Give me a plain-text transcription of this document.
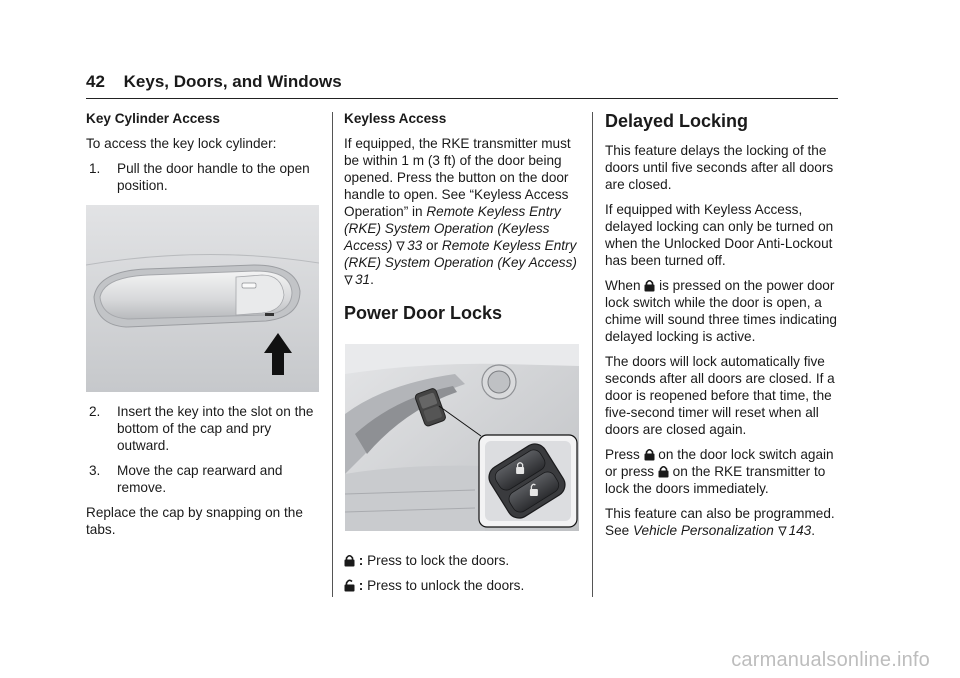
42 Keys, Doors, and Windows

Key Cylinder Access

To access the key lock cylinder:

1. Pull the door handle to the open position.
2. Insert the key into the slot on the bottom of the cap and pry outward.
3. Move the cap rearward and remove.

Replace the cap by snapping on the tabs.

Keyless Access

If equipped, the RKE transmitter must be within 1 m (3 ft) of the door being opened. Press the button on the door handle to open. See “Keyless Access Operation” in Remote Keyless Entry (RKE) System Operation (Keyless Access) 33 or Remote Keyless Entry (RKE) System Operation (Key Access) 31.

Power Door Locks

: Press to lock the doors.

: Press to unlock the doors.

Delayed Locking

This feature delays the locking of the doors until five seconds after all doors are closed.

If equipped with Keyless Access, delayed locking can only be turned on when the Unlocked Door Anti-Lockout has been turned off.

When  is pressed on the power door lock switch while the door is open, a chime will sound three times indicating delayed locking is active.

The doors will lock automatically five seconds after all doors are closed. If a door is reopened before that time, the five-second timer will reset when all doors are closed again.

Press  on the door lock switch again or press  on the RKE transmitter to lock the doors immediately.

This feature can also be programmed. See Vehicle Personalization 143.

carmanualsonline.info
